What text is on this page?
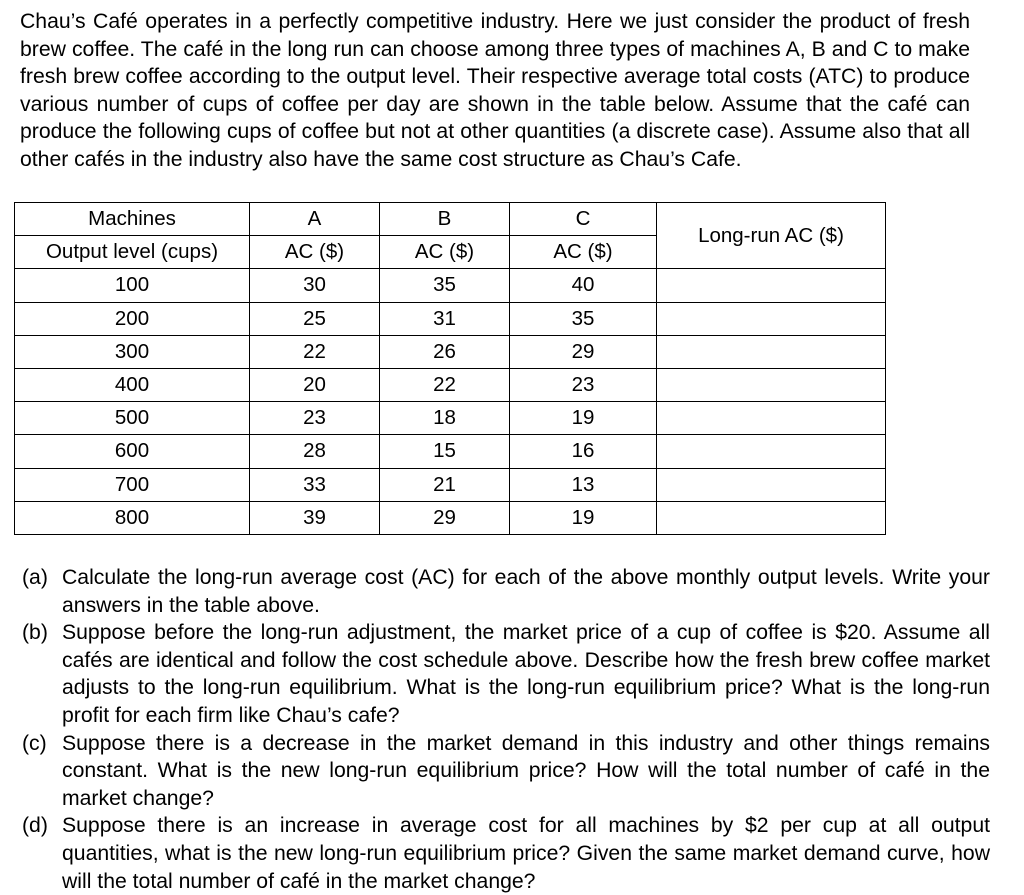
Chau’s Café operates in a perfectly competitive industry. Here we just consider the product of fresh brew coffee. The café in the long run can choose among three types of machines A, B and C to make fresh brew coffee according to the output level. Their respective average total costs (ATC) to produce various number of cups of coffee per day are shown in the table below. Assume that the café can produce the following cups of coffee but not at other quantities (a discrete case). Assume also that all other cafés in the industry also have the same cost structure as Chau’s Cafe.

Machines	A	B	C	Long-run AC ($)
Output level (cups)	AC ($)	AC ($)	AC ($)	
100	30	35	40	
200	25	31	35	
300	22	26	29	
400	20	22	23	
500	23	18	19	
600	28	15	16	
700	33	21	13	
800	39	29	19	
(a) Calculate the long-run average cost (AC) for each of the above monthly output levels. Write your answers in the table above.
(b) Suppose before the long-run adjustment, the market price of a cup of coffee is $20. Assume all cafés are identical and follow the cost schedule above. Describe how the fresh brew coffee market adjusts to the long-run equilibrium. What is the long-run equilibrium price? What is the long-run profit for each firm like Chau’s cafe?
(c) Suppose there is a decrease in the market demand in this industry and other things remains constant. What is the new long-run equilibrium price? How will the total number of café in the market change?
(d) Suppose there is an increase in average cost for all machines by $2 per cup at all output quantities, what is the new long-run equilibrium price? Given the same market demand curve, how will the total number of café in the market change?
